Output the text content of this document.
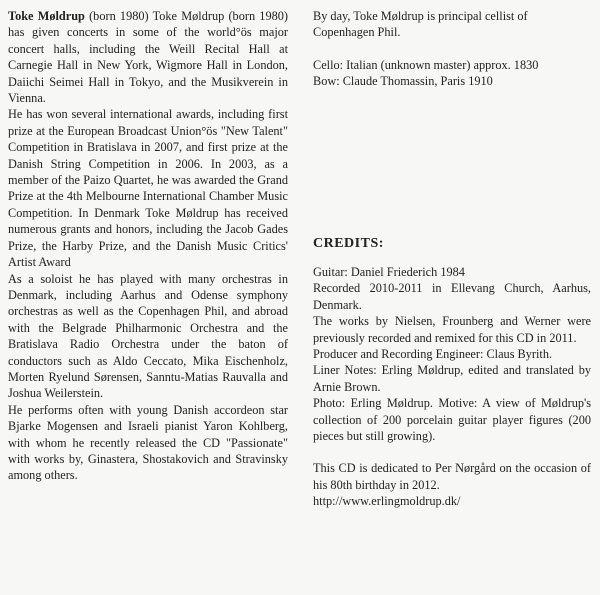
Toke Møldrup (born 1980) Toke Møldrup (born 1980) has given concerts in some of the world°ös major concert halls, including the Weill Recital Hall at Carnegie Hall in New York, Wigmore Hall in London, Daiichi Seimei Hall in Tokyo, and the Musikverein in Vienna.

He has won several international awards, including first prize at the European Broadcast Union°ös "New Talent" Competition in Bratislava in 2007, and first prize at the Danish String Competition in 2006. In 2003, as a member of the Paizo Quartet, he was awarded the Grand Prize at the 4th Melbourne International Chamber Music Competition. In Denmark Toke Møldrup has received numerous grants and honors, including the Jacob Gades Prize, the Harby Prize, and the Danish Music Critics' Artist Award

As a soloist he has played with many orchestras in Denmark, including Aarhus and Odense symphony orchestras as well as the Copenhagen Phil, and abroad with the Belgrade Philharmonic Orchestra and the Bratislava Radio Orchestra under the baton of conductors such as Aldo Ceccato, Mika Eischenholz, Morten Ryelund Sørensen, Sanntu-Matias Rauvalla and Joshua Weilerstein.

He performs often with young Danish accordeon star Bjarke Mogensen and Israeli pianist Yaron Kohlberg, with whom he recently released the CD "Passionate" with works by, Ginastera, Shostakovich and Stravinsky among others.

By day, Toke Møldrup is principal cellist of Copenhagen Phil.

Cello: Italian (unknown master) approx. 1830

Bow: Claude Thomassin, Paris 1910

CREDITS:

Guitar: Daniel Friederich 1984

Recorded 2010-2011 in Ellevang Church, Aarhus, Denmark.

The works by Nielsen, Frounberg and Werner were previously recorded and remixed for this CD in 2011.

Producer and Recording Engineer: Claus Byrith.

Liner Notes: Erling Møldrup, edited and translated by Arnie Brown.

Photo: Erling Møldrup. Motive: A view of Møldrup's collection of 200 porcelain guitar player figures (200 pieces but still growing).

This CD is dedicated to Per Nørgård on the occasion of his 80th birthday in 2012.

http://www.erlingmoldrup.dk/
